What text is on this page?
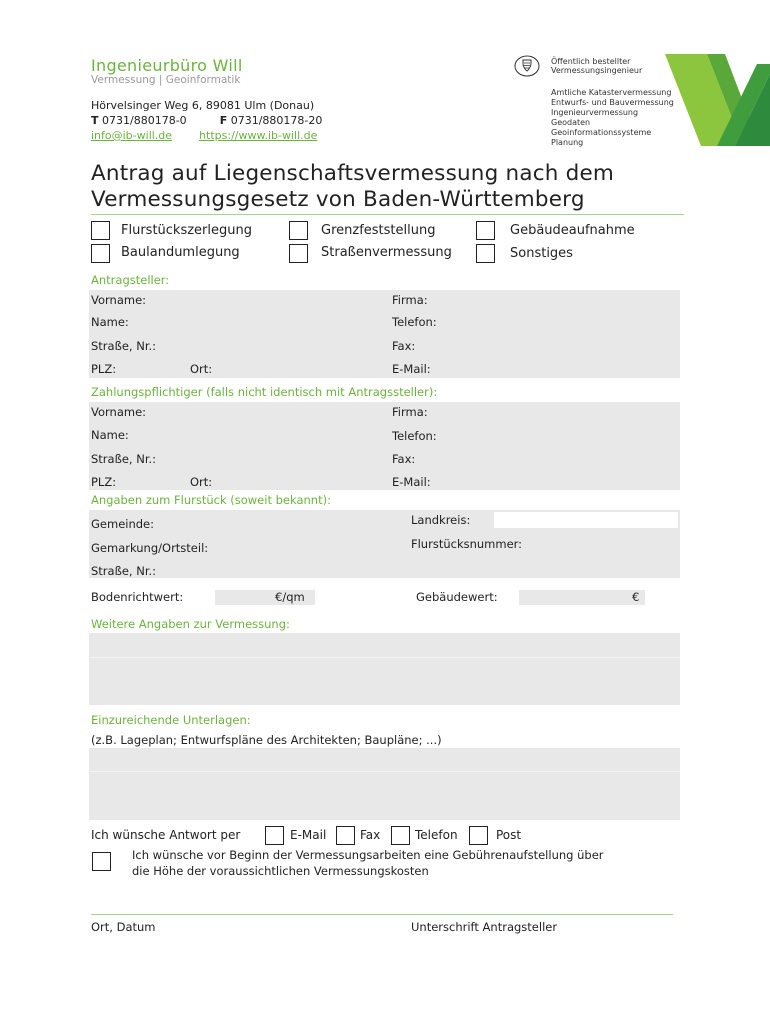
Ingenieurbüro Will
Vermessung | Geoinformatik
Hörvelsinger Weg 6, 89081 Ulm (Donau)
T 0731/880178-0	F 0731/880178-20
info@ib-will.de https://www.ib-will.de
Öffentlich bestellter
Vermessungsingenieur
Amtliche Katastervermessung
Entwurfs- und Bauvermessung
Ingenieurvermessung
Geodaten
Geoinformationssysteme
Planung
Antrag auf Liegenschaftsvermessung nach dem
Vermessungsgesetz von Baden-Württemberg
Flurstückszerlegung	Grenzfeststellung	Gebäudeaufnahme
Baulandumlegung	Straßenvermessung	Sonstiges
Antragsteller:
Vorname:	Firma:
Name:	Telefon:
Straße, Nr.:	Fax:
PLZ:	Ort:	E-Mail:
Zahlungspflichtiger (falls nicht identisch mit Antragssteller):
Vorname:	Firma:
Name:	Telefon:
Straße, Nr.:	Fax:
PLZ:	Ort:	E-Mail:
Angaben zum Flurstück (soweit bekannt):
Gemeinde:	Landkreis:
Gemarkung/Ortsteil:	Flurstücksnummer:
Straße, Nr.:
Bodenrichtwert:	€/qm	Gebäudewert:	€
Weitere Angaben zur Vermessung:
Einzureichende Unterlagen:
(z.B. Lageplan; Entwurfspläne des Architekten; Baupläne; ...)
Ich wünsche Antwort per	E-Mail	Fax	Telefon	Post
Ich wünsche vor Beginn der Vermessungsarbeiten eine Gebührenaufstellung über
die Höhe der voraussichtlichen Vermessungskosten
Ort, Datum	Unterschrift Antragsteller
